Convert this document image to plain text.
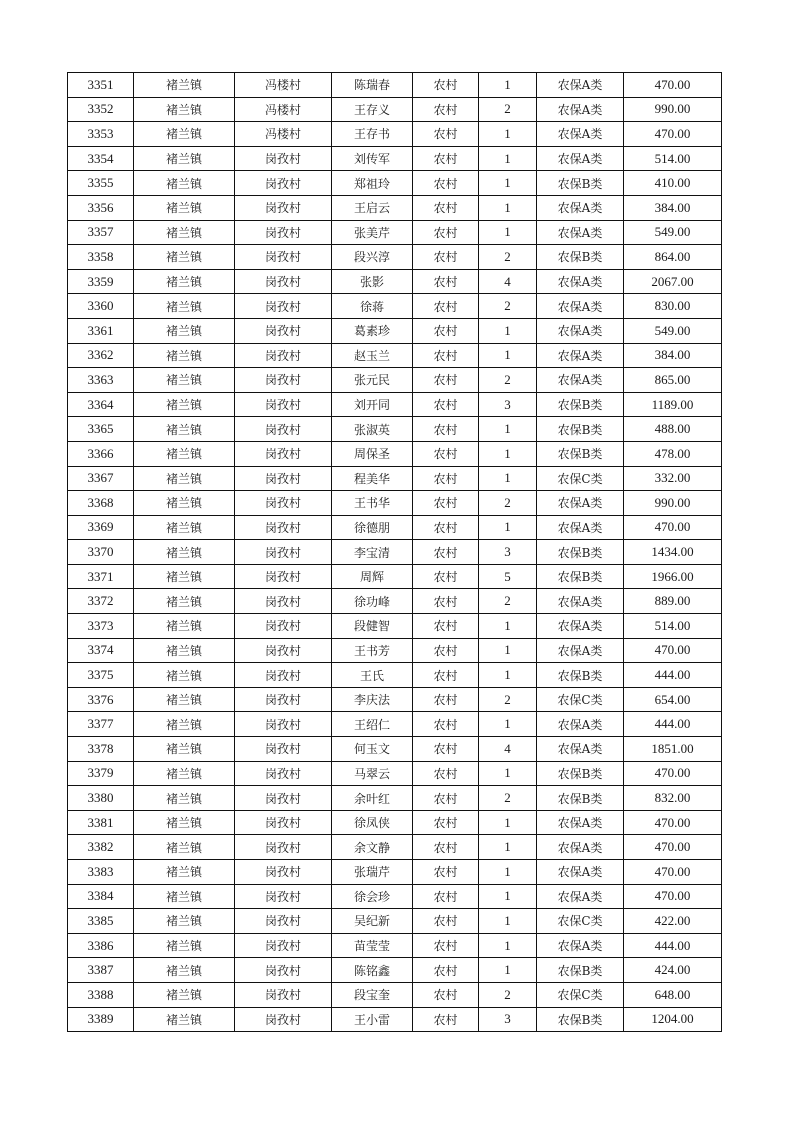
3351	褚兰镇	冯楼村	陈瑞春	农村	1	农保A类	470.00
3352	褚兰镇	冯楼村	王存义	农村	2	农保A类	990.00
3353	褚兰镇	冯楼村	王存书	农村	1	农保A类	470.00
3354	褚兰镇	岗孜村	刘传军	农村	1	农保A类	514.00
3355	褚兰镇	岗孜村	郑祖玲	农村	1	农保B类	410.00
3356	褚兰镇	岗孜村	王启云	农村	1	农保A类	384.00
3357	褚兰镇	岗孜村	张美芹	农村	1	农保A类	549.00
3358	褚兰镇	岗孜村	段兴淳	农村	2	农保B类	864.00
3359	褚兰镇	岗孜村	张影	农村	4	农保A类	2067.00
3360	褚兰镇	岗孜村	徐蒋	农村	2	农保A类	830.00
3361	褚兰镇	岗孜村	葛素珍	农村	1	农保A类	549.00
3362	褚兰镇	岗孜村	赵玉兰	农村	1	农保A类	384.00
3363	褚兰镇	岗孜村	张元民	农村	2	农保A类	865.00
3364	褚兰镇	岗孜村	刘开同	农村	3	农保B类	1189.00
3365	褚兰镇	岗孜村	张淑英	农村	1	农保B类	488.00
3366	褚兰镇	岗孜村	周保圣	农村	1	农保B类	478.00
3367	褚兰镇	岗孜村	程美华	农村	1	农保C类	332.00
3368	褚兰镇	岗孜村	王书华	农村	2	农保A类	990.00
3369	褚兰镇	岗孜村	徐德朋	农村	1	农保A类	470.00
3370	褚兰镇	岗孜村	李宝清	农村	3	农保B类	1434.00
3371	褚兰镇	岗孜村	周辉	农村	5	农保B类	1966.00
3372	褚兰镇	岗孜村	徐功峰	农村	2	农保A类	889.00
3373	褚兰镇	岗孜村	段健智	农村	1	农保A类	514.00
3374	褚兰镇	岗孜村	王书芳	农村	1	农保A类	470.00
3375	褚兰镇	岗孜村	王氏	农村	1	农保B类	444.00
3376	褚兰镇	岗孜村	李庆法	农村	2	农保C类	654.00
3377	褚兰镇	岗孜村	王绍仁	农村	1	农保A类	444.00
3378	褚兰镇	岗孜村	何玉文	农村	4	农保A类	1851.00
3379	褚兰镇	岗孜村	马翠云	农村	1	农保B类	470.00
3380	褚兰镇	岗孜村	余叶红	农村	2	农保B类	832.00
3381	褚兰镇	岗孜村	徐凤侠	农村	1	农保A类	470.00
3382	褚兰镇	岗孜村	余文静	农村	1	农保A类	470.00
3383	褚兰镇	岗孜村	张瑞芹	农村	1	农保A类	470.00
3384	褚兰镇	岗孜村	徐会珍	农村	1	农保A类	470.00
3385	褚兰镇	岗孜村	吴纪新	农村	1	农保C类	422.00
3386	褚兰镇	岗孜村	苗莹莹	农村	1	农保A类	444.00
3387	褚兰镇	岗孜村	陈铭鑫	农村	1	农保B类	424.00
3388	褚兰镇	岗孜村	段宝奎	农村	2	农保C类	648.00
3389	褚兰镇	岗孜村	王小雷	农村	3	农保B类	1204.00
